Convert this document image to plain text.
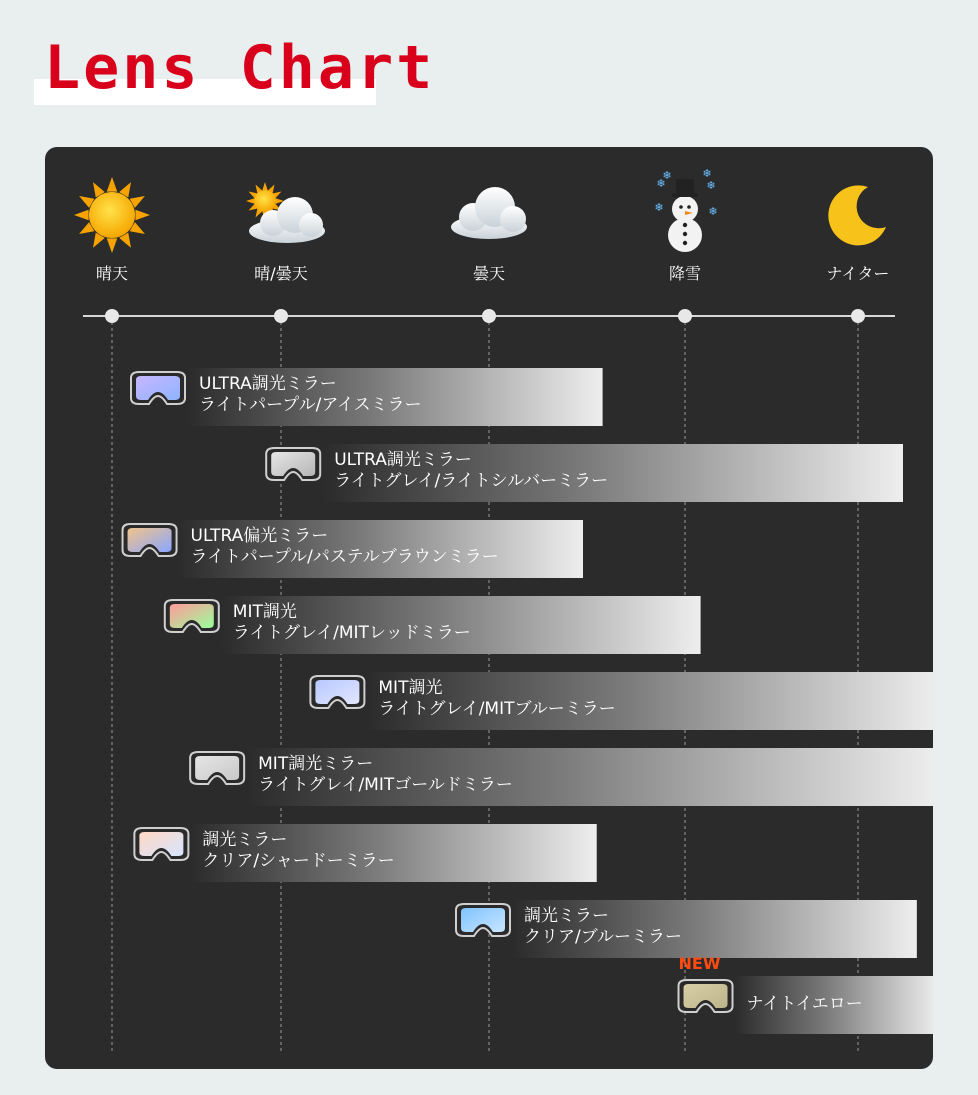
Lens Chart
❄	❄
❄	❄
❄	❄
晴天	晴/曇天	曇天	降雪	ナイター
ULTRA調光ミラー
ライトパープル/アイスミラー
ULTRA調光ミラー
ライトグレイ/ライトシルバーミラー
ULTRA偏光ミラー
ライトパープル/パステルブラウンミラー
MIT調光
ライトグレイ/MITレッドミラー
MIT調光
ライトグレイ/MITブルーミラー
MIT調光ミラー
ライトグレイ/MITゴールドミラー
調光ミラー
クリア/シャードーミラー
調光ミラー
クリア/ブルーミラー
ナイトイエロー
NEW
